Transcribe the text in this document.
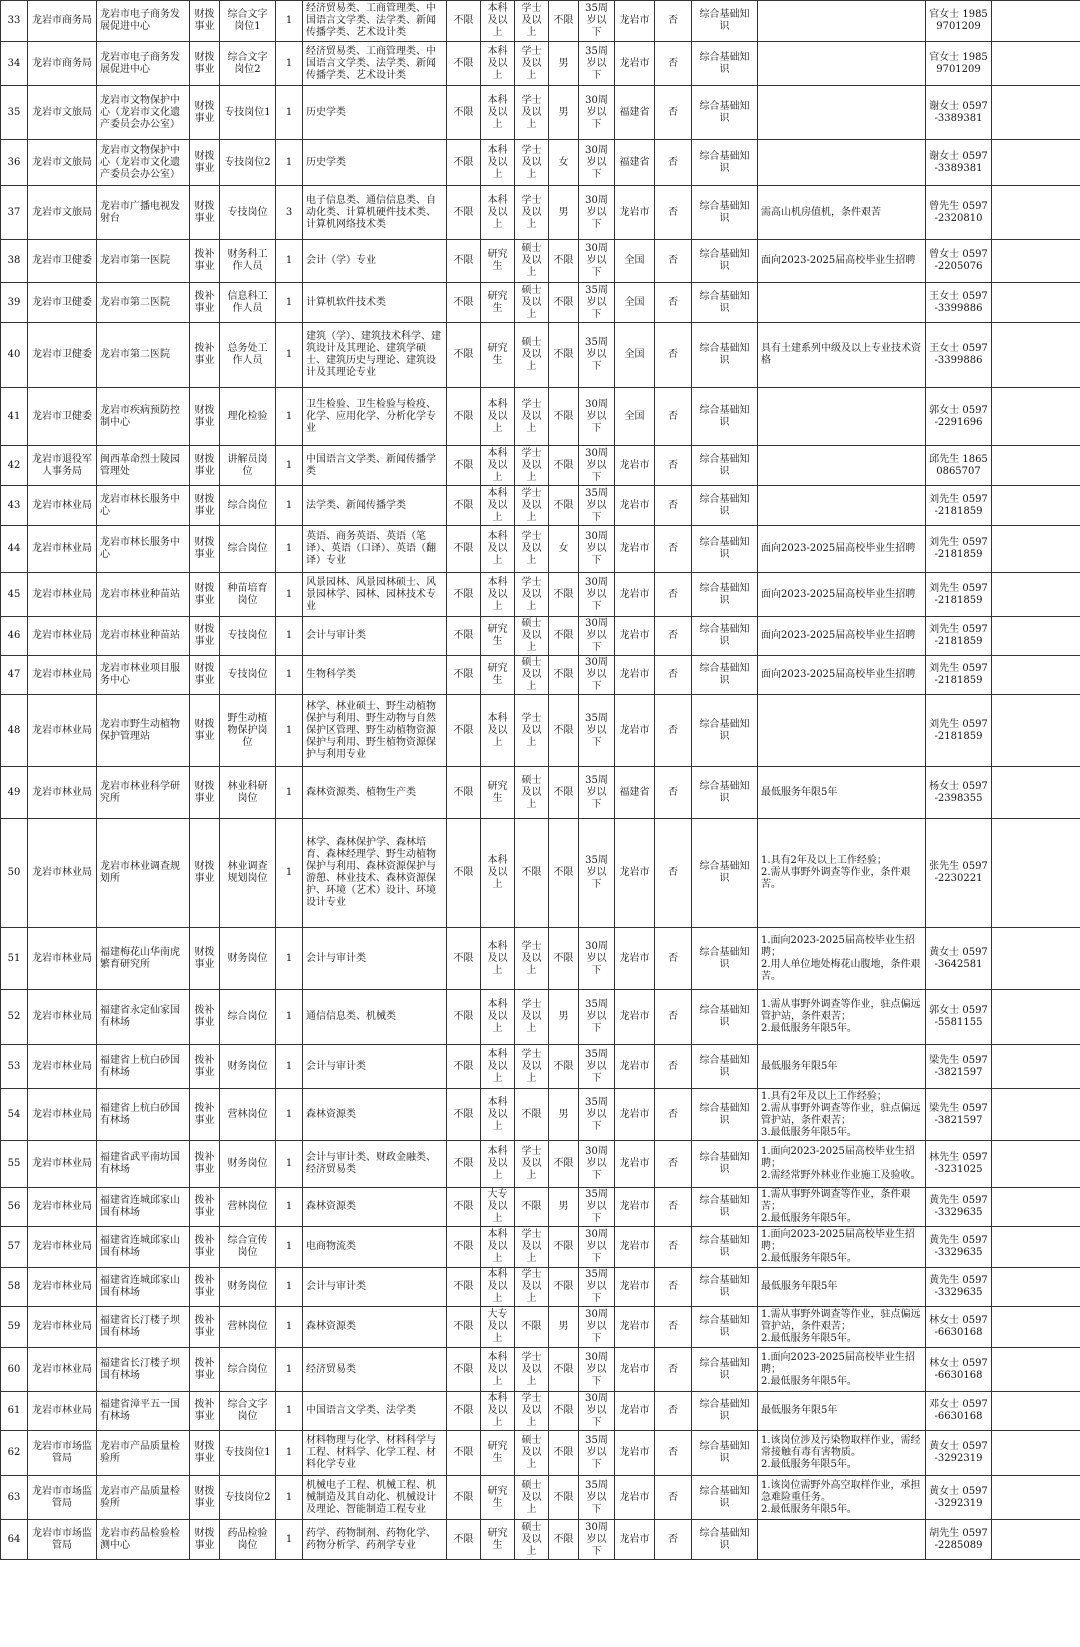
33	龙岩市商务局	龙岩市电子商务发展促进中心	财拨事业	综合文字岗位1	1	经济贸易类、工商管理类、中国语言文学类、法学类、新闻传播学类、艺术设计类	不限	本科及以上	学士及以上	不限	35周岁以下	龙岩市	否	综合基础知识		官女士 19859701209	
34	龙岩市商务局	龙岩市电子商务发展促进中心	财拨事业	综合文字岗位2	1	经济贸易类、工商管理类、中国语言文学类、法学类、新闻传播学类、艺术设计类	不限	本科及以上	学士及以上	男	35周岁以下	龙岩市	否	综合基础知识		官女士 19859701209	
35	龙岩市文旅局	龙岩市文物保护中心（龙岩市文化遗产委员会办公室）	财拨事业	专技岗位1	1	历史学类	不限	本科及以上	学士及以上	男	30周岁以下	福建省	否	综合基础知识		谢女士 0597-3389381	
36	龙岩市文旅局	龙岩市文物保护中心（龙岩市文化遗产委员会办公室）	财拨事业	专技岗位2	1	历史学类	不限	本科及以上	学士及以上	女	30周岁以下	福建省	否	综合基础知识		谢女士 0597-3389381	
37	龙岩市文旅局	龙岩市广播电视发射台	财拨事业	专技岗位	3	电子信息类、通信信息类、自动化类、计算机硬件技术类、计算机网络技术类	不限	本科及以上	学士及以上	男	30周岁以下	龙岩市	否	综合基础知识	需高山机房值机，条件艰苦	曾先生 0597-2320810	
38	龙岩市卫健委	龙岩市第一医院	拨补事业	财务科工作人员	1	会计（学）专业	不限	研究生	硕士及以上	不限	30周岁以下	全国	否	综合基础知识	面向2023-2025届高校毕业生招聘	曾女士 0597-2205076	
39	龙岩市卫健委	龙岩市第二医院	拨补事业	信息科工作人员	1	计算机软件技术类	不限	研究生	硕士及以上	不限	35周岁以下	全国	否	综合基础知识		王女士 0597-3399886	
40	龙岩市卫健委	龙岩市第二医院	拨补事业	总务处工作人员	1	建筑（学）、建筑技术科学、建筑设计及其理论、建筑学硕士、建筑历史与理论、建筑设计及其理论专业	不限	研究生	硕士及以上	不限	35周岁以下	全国	否	综合基础知识	具有土建系列中级及以上专业技术资格	王女士 0597-3399886	
41	龙岩市卫健委	龙岩市疾病预防控制中心	财拨事业	理化检验	1	卫生检验、卫生检验与检疫、化学、应用化学、分析化学专业	不限	本科及以上	学士及以上	不限	30周岁以下	全国	否	综合基础知识		郭女士 0597-2291696	
42	龙岩市退役军人事务局	闽西革命烈士陵园管理处	财拨事业	讲解员岗位	1	中国语言文学类、新闻传播学类	不限	本科及以上	学士及以上	不限	30周岁以下	龙岩市	否	综合基础知识		邱先生 18650865707	
43	龙岩市林业局	龙岩市林长服务中心	财拨事业	综合岗位	1	法学类、新闻传播学类	不限	本科及以上	学士及以上	不限	35周岁以下	龙岩市	否	综合基础知识		刘先生 0597-2181859	
44	龙岩市林业局	龙岩市林长服务中心	财拨事业	综合岗位	1	英语、商务英语、英语（笔译）、英语（口译）、英语（翻译）专业	不限	本科及以上	学士及以上	女	30周岁以下	龙岩市	否	综合基础知识	面向2023-2025届高校毕业生招聘	刘先生 0597-2181859	
45	龙岩市林业局	龙岩市林业种苗站	财拨事业	种苗培育岗位	1	风景园林、风景园林硕士、风景园林学、园林、园林技术专业	不限	本科及以上	学士及以上	不限	30周岁以下	龙岩市	否	综合基础知识	面向2023-2025届高校毕业生招聘	刘先生 0597-2181859	
46	龙岩市林业局	龙岩市林业种苗站	财拨事业	专技岗位	1	会计与审计类	不限	研究生	硕士及以上	不限	30周岁以下	龙岩市	否	综合基础知识	面向2023-2025届高校毕业生招聘	刘先生 0597-2181859	
47	龙岩市林业局	龙岩市林业项目服务中心	财拨事业	专技岗位	1	生物科学类	不限	研究生	硕士及以上	不限	30周岁以下	龙岩市	否	综合基础知识	面向2023-2025届高校毕业生招聘	刘先生 0597-2181859	
48	龙岩市林业局	龙岩市野生动植物保护管理站	财拨事业	野生动植物保护岗位	1	林学、林业硕士、野生动植物保护与利用、野生动物与自然保护区管理、野生动植物资源保护与利用、野生植物资源保护与利用专业	不限	本科及以上	学士及以上	不限	35周岁以下	龙岩市	否	综合基础知识		刘先生 0597-2181859	
49	龙岩市林业局	龙岩市林业科学研究所	财拨事业	林业科研岗位	1	森林资源类、植物生产类	不限	研究生	硕士及以上	不限	35周岁以下	福建省	否	综合基础知识	最低服务年限5年	杨女士 0597-2398355	
50	龙岩市林业局	龙岩市林业调查规划所	财拨事业	林业调查规划岗位	1	林学、森林保护学、森林培育、森林经理学、野生动植物保护与利用、森林资源保护与游憩、林业技术、森林资源保护、环境（艺术）设计、环境设计专业	不限	本科及以上	不限	不限	35周岁以下	龙岩市	否	综合基础知识	1.具有2年及以上工作经验；
2.需从事野外调查等作业，条件艰苦。	张先生 0597-2230221	
51	龙岩市林业局	福建梅花山华南虎繁育研究所	财拨事业	财务岗位	1	会计与审计类	不限	本科及以上	学士及以上	不限	30周岁以下	龙岩市	否	综合基础知识	1.面向2023-2025届高校毕业生招聘；
2.用人单位地处梅花山腹地，条件艰苦。	黄女士 0597-3642581	
52	龙岩市林业局	福建省永定仙家国有林场	拨补事业	综合岗位	1	通信信息类、机械类	不限	本科及以上	学士及以上	男	35周岁以下	龙岩市	否	综合基础知识	1.需从事野外调查等作业，驻点偏远管护站，条件艰苦；
2.最低服务年限5年。	郭女士 0597-5581155	
53	龙岩市林业局	福建省上杭白砂国有林场	拨补事业	财务岗位	1	会计与审计类	不限	本科及以上	学士及以上	不限	35周岁以下	龙岩市	否	综合基础知识	最低服务年限5年	梁先生 0597-3821597	
54	龙岩市林业局	福建省上杭白砂国有林场	拨补事业	营林岗位	1	森林资源类	不限	本科及以上	不限	男	35周岁以下	龙岩市	否	综合基础知识	1.具有2年及以上工作经验；
2.需从事野外调查等作业，驻点偏远管护站，条件艰苦；
3.最低服务年限5年。	梁先生 0597-3821597	
55	龙岩市林业局	福建省武平南坊国有林场	拨补事业	财务岗位	1	会计与审计类、财政金融类、经济贸易类	不限	本科及以上	学士及以上	不限	30周岁以下	龙岩市	否	综合基础知识	1.面向2023-2025届高校毕业生招聘；
2.需经常野外林业作业施工及验收。	林先生 0597-3231025	
56	龙岩市林业局	福建省连城邱家山国有林场	拨补事业	营林岗位	1	森林资源类	不限	大专及以上	不限	男	35周岁以下	龙岩市	否	综合基础知识	1.需从事野外调查等作业，条件艰苦；
2.最低服务年限5年。	黄先生 0597-3329635	
57	龙岩市林业局	福建省连城邱家山国有林场	拨补事业	综合宣传岗位	1	电商物流类	不限	本科及以上	学士及以上	不限	30周岁以下	龙岩市	否	综合基础知识	1.面向2023-2025届高校毕业生招聘；
2.最低服务年限5年。	黄先生 0597-3329635	
58	龙岩市林业局	福建省连城邱家山国有林场	拨补事业	财务岗位	1	会计与审计类	不限	本科及以上	学士及以上	不限	35周岁以下	龙岩市	否	综合基础知识	最低服务年限5年	黄先生 0597-3329635	
59	龙岩市林业局	福建省长汀楼子坝国有林场	拨补事业	营林岗位	1	森林资源类	不限	大专及以上	不限	男	30周岁以下	龙岩市	否	综合基础知识	1.需从事野外调查等作业，驻点偏远管护站，条件艰苦；
2.最低服务年限5年。	林女士 0597-6630168	
60	龙岩市林业局	福建省长汀楼子坝国有林场	拨补事业	综合岗位	1	经济贸易类	不限	本科及以上	学士及以上	不限	30周岁以下	龙岩市	否	综合基础知识	1.面向2023-2025届高校毕业生招聘；
2.最低服务年限5年。	林女士 0597-6630168	
61	龙岩市林业局	福建省漳平五一国有林场	拨补事业	综合文字岗位	1	中国语言文学类、法学类	不限	本科及以上	学士及以上	不限	30周岁以下	龙岩市	否	综合基础知识	最低服务年限5年	邓女士 0597-6630168	
62	龙岩市市场监管局	龙岩市产品质量检验所	财拨事业	专技岗位1	1	材料物理与化学、材料科学与工程、材料学、化学工程、材料化学专业	不限	研究生	硕士及以上	不限	35周岁以下	龙岩市	否	综合基础知识	1.该岗位涉及污染物取样作业，需经常接触有毒有害物质。
2.最低服务年限5年。	黄女士 0597-3292319	
63	龙岩市市场监管局	龙岩市产品质量检验所	财拨事业	专技岗位2	1	机械电子工程、机械工程、机械制造及其自动化、机械设计及理论、智能制造工程专业	不限	研究生	硕士及以上	不限	35周岁以下	龙岩市	否	综合基础知识	1.该岗位需野外高空取样作业，承担急难险重任务。
2.最低服务年限5年。	黄女士 0597-3292319	
64	龙岩市市场监管局	龙岩市药品检验检测中心	财拨事业	药品检验岗位	1	药学、药物制剂、药物化学、药物分析学、药剂学专业	不限	研究生	硕士及以上	不限	30周岁以下	龙岩市	否	综合基础知识		胡先生 0597-2285089	
